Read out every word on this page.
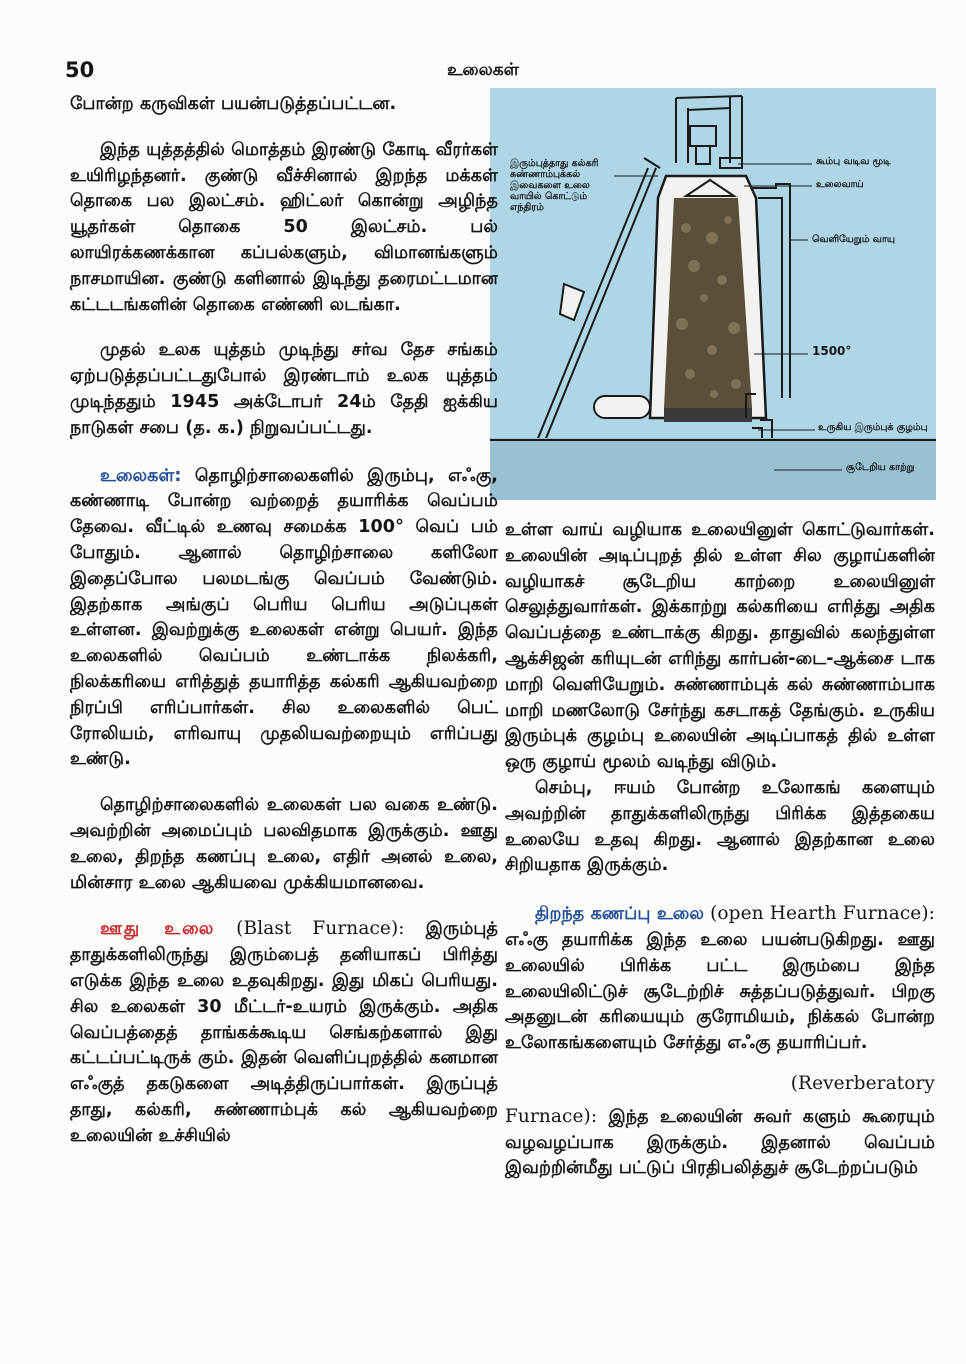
50	உலைகள்
இரும்புத்தாது கல்கரி சுண்ணாம்புக்கல் இவைகளை உலை வாயில் கொட்டும் எந்திரம்
கூம்பு வடிவ மூடி
உலைவாய்
வெளியேறும் வாயு
1500°
உருகிய இரும்புக் குழம்பு
சூடேறிய காற்று

போன்ற கருவிகள் பயன்படுத்தப்பட்டன.

இந்த யுத்தத்தில் மொத்தம் இரண்டு கோடி வீரர்கள் உயிரிழந்தனர். குண்டு வீச்சினால் இறந்த மக்கள் தொகை பல இலட்சம். ஹிட்லர் கொன்று அழிந்த யூதர்கள் தொகை 50 இலட்சம். பல் லாயிரக்கணக்கான கப்பல்களும், விமானங்களும் நாசமாயின. குண்டு களினால் இடிந்து தரைமட்டமான கட்டடங்களின் தொகை எண்ணி லடங்கா.

முதல் உலக யுத்தம் முடிந்து சர்வ தேச சங்கம் ஏற்படுத்தப்பட்டதுபோல் இரண்டாம் உலக யுத்தம் முடிந்ததும் 1945 அக்டோபர் 24ம் தேதி ஐக்கிய நாடுகள் சபை (த. க.) நிறுவப்பட்டது.

உலைகள்: தொழிற்சாலைகளில் இரும்பு, எஃகு, கண்ணாடி போன்ற வற்றைத் தயாரிக்க வெப்பம் தேவை. வீட்டில் உணவு சமைக்க 100° வெப் பம் போதும். ஆனால் தொழிற்சாலை களிலோ இதைப்போல பலமடங்கு வெப்பம் வேண்டும். இதற்காக அங்குப் பெரிய பெரிய அடுப்புகள் உள்ளன. இவற்றுக்கு உலைகள் என்று பெயர். இந்த உலைகளில் வெப்பம் உண்டாக்க நிலக்கரி, நிலக்கரியை எரித்துத் தயாரித்த கல்கரி ஆகியவற்றை நிரப்பி எரிப்பார்கள். சில உலைகளில் பெட் ரோலியம், எரிவாயு முதலியவற்றையும் எரிப்பது உண்டு.

தொழிற்சாலைகளில் உலைகள் பல வகை உண்டு. அவற்றின் அமைப்பும் பலவிதமாக இருக்கும். ஊது உலை, திறந்த கணப்பு உலை, எதிர் அனல் உலை, மின்சார உலை ஆகியவை முக்கியமானவை.

ஊது உலை (Blast Furnace): இரும்புத் தாதுக்களிலிருந்து இரும்பைத் தனியாகப் பிரித்து எடுக்க இந்த உலை உதவுகிறது. இது மிகப் பெரியது. சில உலைகள் 30 மீட்டர்-உயரம் இருக்கும். அதிக வெப்பத்தைத் தாங்கக்கூடிய செங்கற்களால் இது கட்டப்பட்டிருக் கும். இதன் வெளிப்புறத்தில் கனமான எஃகுத் தகடுகளை அடித்திருப்பார்கள். இருப்புத் தாது, கல்கரி, சுண்ணாம்புக் கல் ஆகியவற்றை உலையின் உச்சியில்

உள்ள வாய் வழியாக உலையினுள் கொட்டுவார்கள். உலையின் அடிப்புறத் தில் உள்ள சில குழாய்களின் வழியாகச் சூடேறிய காற்றை உலையினுள் செலுத்துவார்கள். இக்காற்று கல்கரியை எரித்து அதிக வெப்பத்தை உண்டாக்கு கிறது. தாதுவில் கலந்துள்ள ஆக்சிஜன் கரியுடன் எரிந்து கார்பன்-டை-ஆக்சை டாக மாறி வெளியேறும். சுண்ணாம்புக் கல் சுண்ணாம்பாக மாறி மணலோடு சேர்ந்து கசடாகத் தேங்கும். உருகிய இரும்புக் குழம்பு உலையின் அடிப்பாகத் தில் உள்ள ஒரு குழாய் மூலம் வடிந்து விடும்.

செம்பு, ஈயம் போன்ற உலோகங் களையும் அவற்றின் தாதுக்களிலிருந்து பிரிக்க இத்தகைய உலையே உதவு கிறது. ஆனால் இதற்கான உலை சிறியதாக இருக்கும்.

திறந்த கணப்பு உலை (open Hearth Furnace): எஃகு தயாரிக்க இந்த உலை பயன்படுகிறது. ஊது உலையில் பிரிக்க பட்ட இரும்பை இந்த உலையிலிட்டுச் சூடேற்றிச் சுத்தப்படுத்துவர். பிறகு அதனுடன் கரியையும் குரோமியம், நிக்கல் போன்ற உலோகங்களையும் சேர்த்து எஃகு தயாரிப்பர்.

(Reverberatory

Furnace): இந்த உலையின் சுவர் களும் கூரையும் வழவழப்பாக இருக்கும். இதனால் வெப்பம் இவற்றின்மீது பட்டுப் பிரதிபலித்துச் சூடேற்றப்படும்
